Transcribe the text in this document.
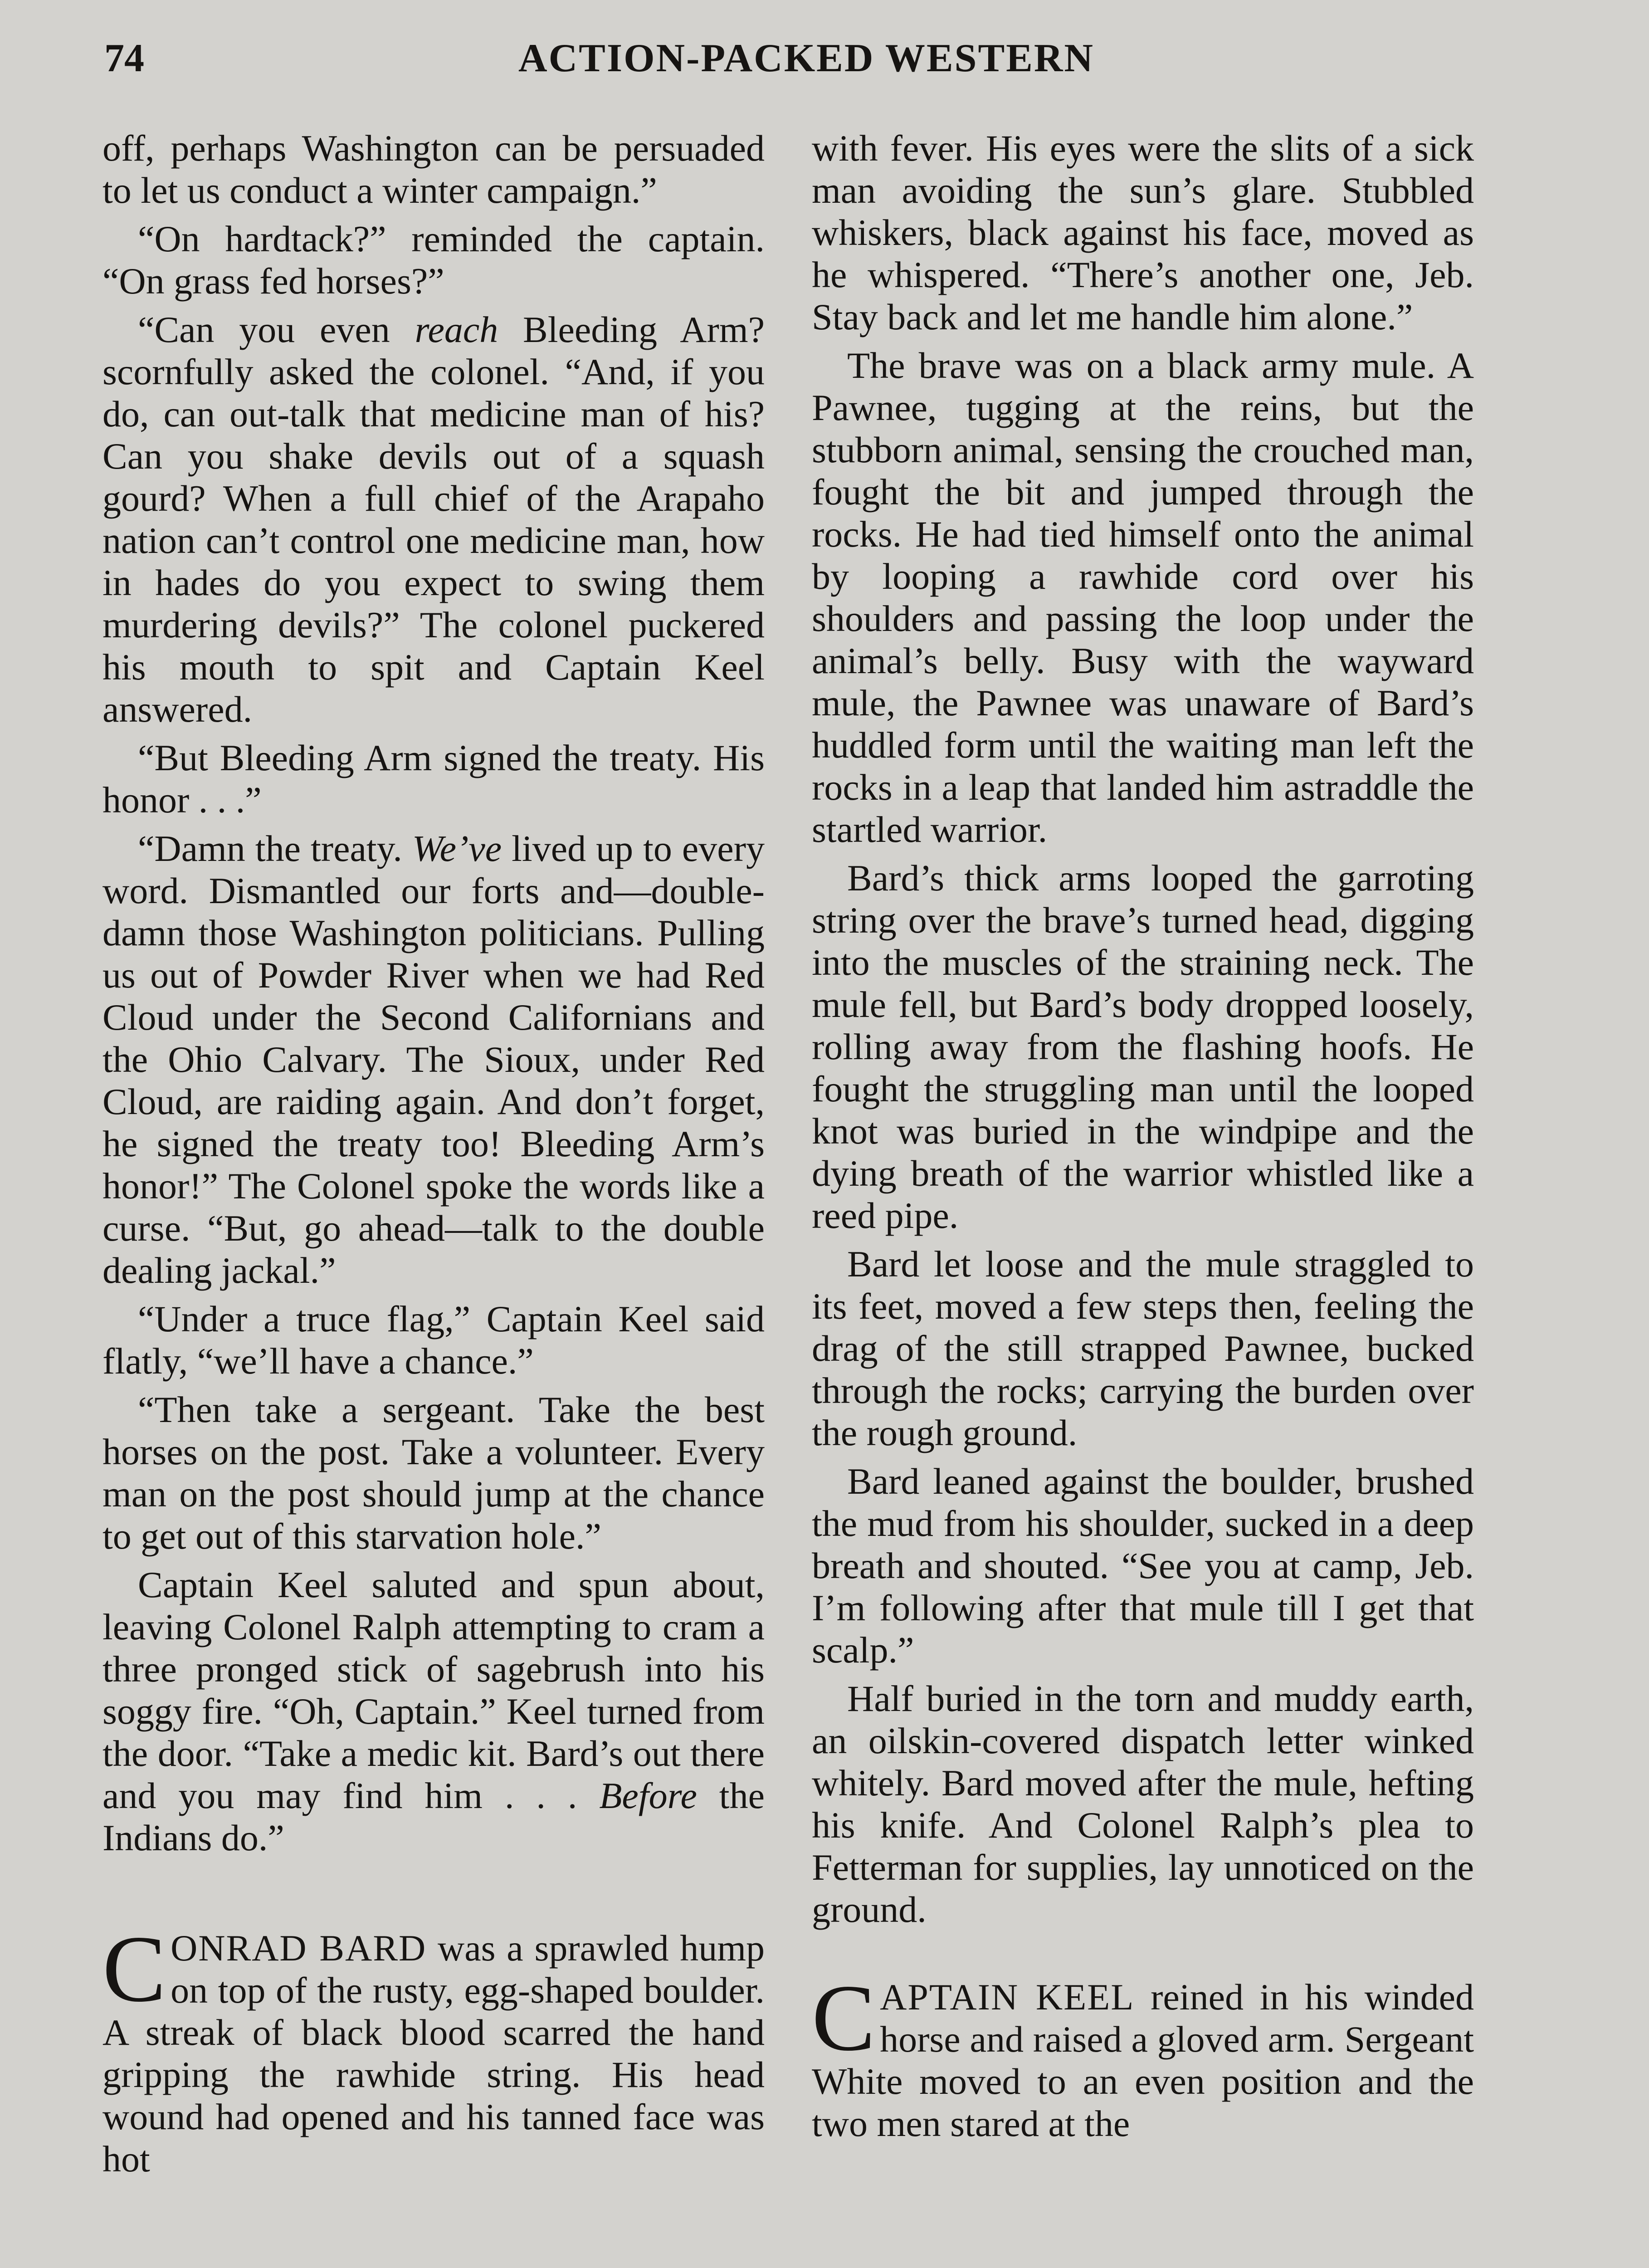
74	ACTION-PACKED WESTERN

off, perhaps Washington can be persuaded to let us conduct a winter campaign.”

“On hardtack?” reminded the captain. “On grass fed horses?”

“Can you even reach Bleeding Arm? scornfully asked the colonel. “And, if you do, can out-talk that medicine man of his? Can you shake devils out of a squash gourd? When a full chief of the Arapaho nation can’t control one medicine man, how in hades do you expect to swing them murdering devils?” The colonel puckered his mouth to spit and Captain Keel answered.

“But Bleeding Arm signed the treaty. His honor . . .”

“Damn the treaty. We’ve lived up to every word. Dismantled our forts and—double-damn those Washington politicians. Pulling us out of Powder River when we had Red Cloud under the Second Californians and the Ohio Calvary. The Sioux, under Red Cloud, are raiding again. And don’t forget, he signed the treaty too! Bleeding Arm’s honor!” The Colonel spoke the words like a curse. “But, go ahead—talk to the double dealing jackal.”

“Under a truce flag,” Captain Keel said flatly, “we’ll have a chance.”

“Then take a sergeant. Take the best horses on the post. Take a volunteer. Every man on the post should jump at the chance to get out of this starvation hole.”

Captain Keel saluted and spun about, leaving Colonel Ralph attempting to cram a three pronged stick of sagebrush into his soggy fire. “Oh, Captain.” Keel turned from the door. “Take a medic kit. Bard’s out there and you may find him . . . Before the Indians do.”

CONRAD BARD was a sprawled hump on top of the rusty, egg-shaped boulder. A streak of black blood scarred the hand gripping the rawhide string. His head wound had opened and his tanned face was hot

with fever. His eyes were the slits of a sick man avoiding the sun’s glare. Stubbled whiskers, black against his face, moved as he whispered. “There’s another one, Jeb. Stay back and let me handle him alone.”

The brave was on a black army mule. A Pawnee, tugging at the reins, but the stubborn animal, sensing the crouched man, fought the bit and jumped through the rocks. He had tied himself onto the animal by looping a rawhide cord over his shoulders and passing the loop under the animal’s belly. Busy with the wayward mule, the Pawnee was unaware of Bard’s huddled form until the waiting man left the rocks in a leap that landed him astraddle the startled warrior.

Bard’s thick arms looped the garroting string over the brave’s turned head, digging into the muscles of the straining neck. The mule fell, but Bard’s body dropped loosely, rolling away from the flashing hoofs. He fought the struggling man until the looped knot was buried in the windpipe and the dying breath of the warrior whistled like a reed pipe.

Bard let loose and the mule straggled to its feet, moved a few steps then, feeling the drag of the still strapped Pawnee, bucked through the rocks; carrying the burden over the rough ground.

Bard leaned against the boulder, brushed the mud from his shoulder, sucked in a deep breath and shouted. “See you at camp, Jeb. I’m following after that mule till I get that scalp.”

Half buried in the torn and muddy earth, an oilskin-covered dispatch letter winked whitely. Bard moved after the mule, hefting his knife. And Colonel Ralph’s plea to Fetterman for supplies, lay unnoticed on the ground.

CAPTAIN KEEL reined in his winded horse and raised a gloved arm. Sergeant White moved to an even position and the two men stared at the
